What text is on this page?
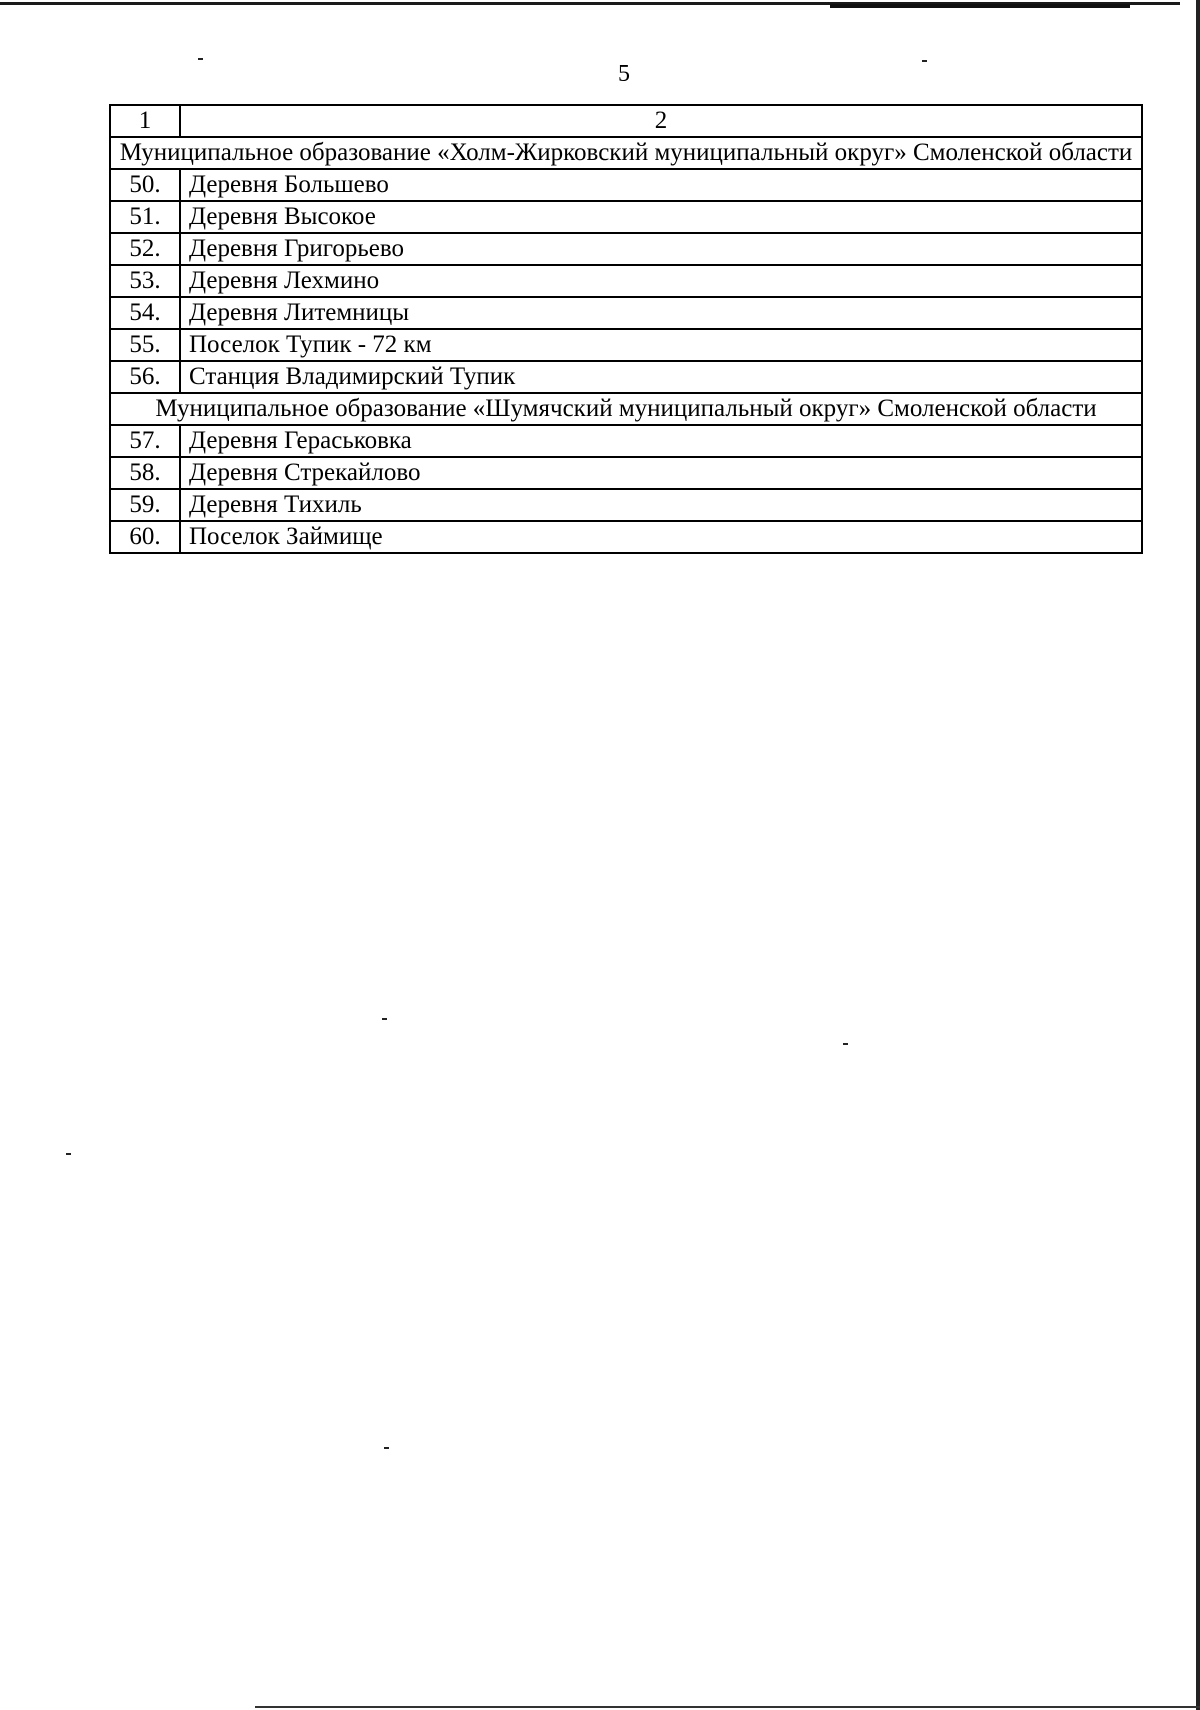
5
1	2
Муниципальное образование «Холм-Жирковский муниципальный округ» Смоленской области	
50.	Деревня Большево
51.	Деревня Высокое
52.	Деревня Григорьево
53.	Деревня Лехмино
54.	Деревня Литемницы
55.	Поселок Тупик - 72 км
56.	Станция Владимирский Тупик
Муниципальное образование «Шумячский муниципальный округ» Смоленской области	
57.	Деревня Гераськовка
58.	Деревня Стрекайлово
59.	Деревня Тихиль
60.	Поселок Займище
